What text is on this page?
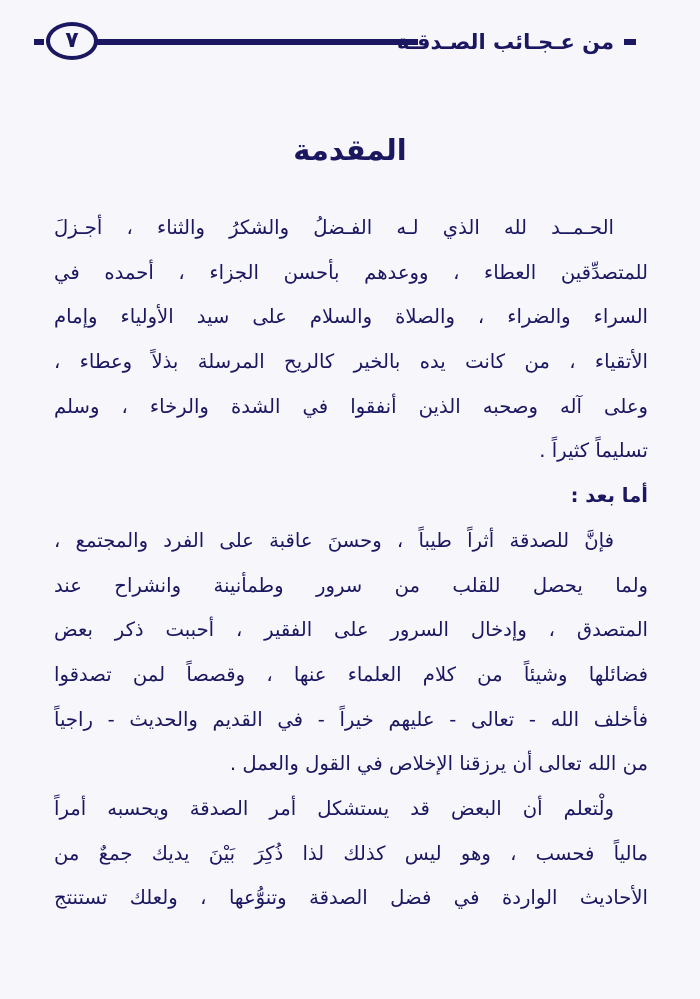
من عـجـائب الصـدقـة
٧
المقدمة
الحـمــد لله الذي لـه الفـضلُ والشكرُ والثناء ، أجـزلَ
للمتصدِّقين العطاء ، ووعدهم بأحسن الجزاء ، أحمده في
السراء والضراء ، والصلاة والسلام على سيد الأولياء وإمام
الأتقياء ، من كانت يده بالخير كالريح المرسلة بذلاً وعطاء ،
وعلى آله وصحبه الذين أنفقوا في الشدة والرخاء ، وسلم
تسليماً كثيراً .
أما بعد :
فإنَّ للصدقة أثراً طيباً ، وحسنَ عاقبة على الفرد والمجتمع ،
ولما يحصل للقلب من سرور وطمأنينة وانشراح عند
المتصدق ، وإدخال السرور على الفقير ، أحببت ذكر بعض
فضائلها وشيئاً من كلام العلماء عنها ، وقصصاً لمن تصدقوا
فأخلف الله - تعالى - عليهم خيراً - في القديم والحديث - راجياً
من الله تعالى أن يرزقنا الإخلاص في القول والعمل .
ولْتعلم أن البعض قد يستشكل أمر الصدقة ويحسبه أمراً
مالياً فحسب ، وهو ليس كذلك لذا ذُكِرَ بَيْنَ يديك جمعٌ من
الأحاديث الواردة في فضل الصدقة وتنوُّعها ، ولعلك تستنتج
